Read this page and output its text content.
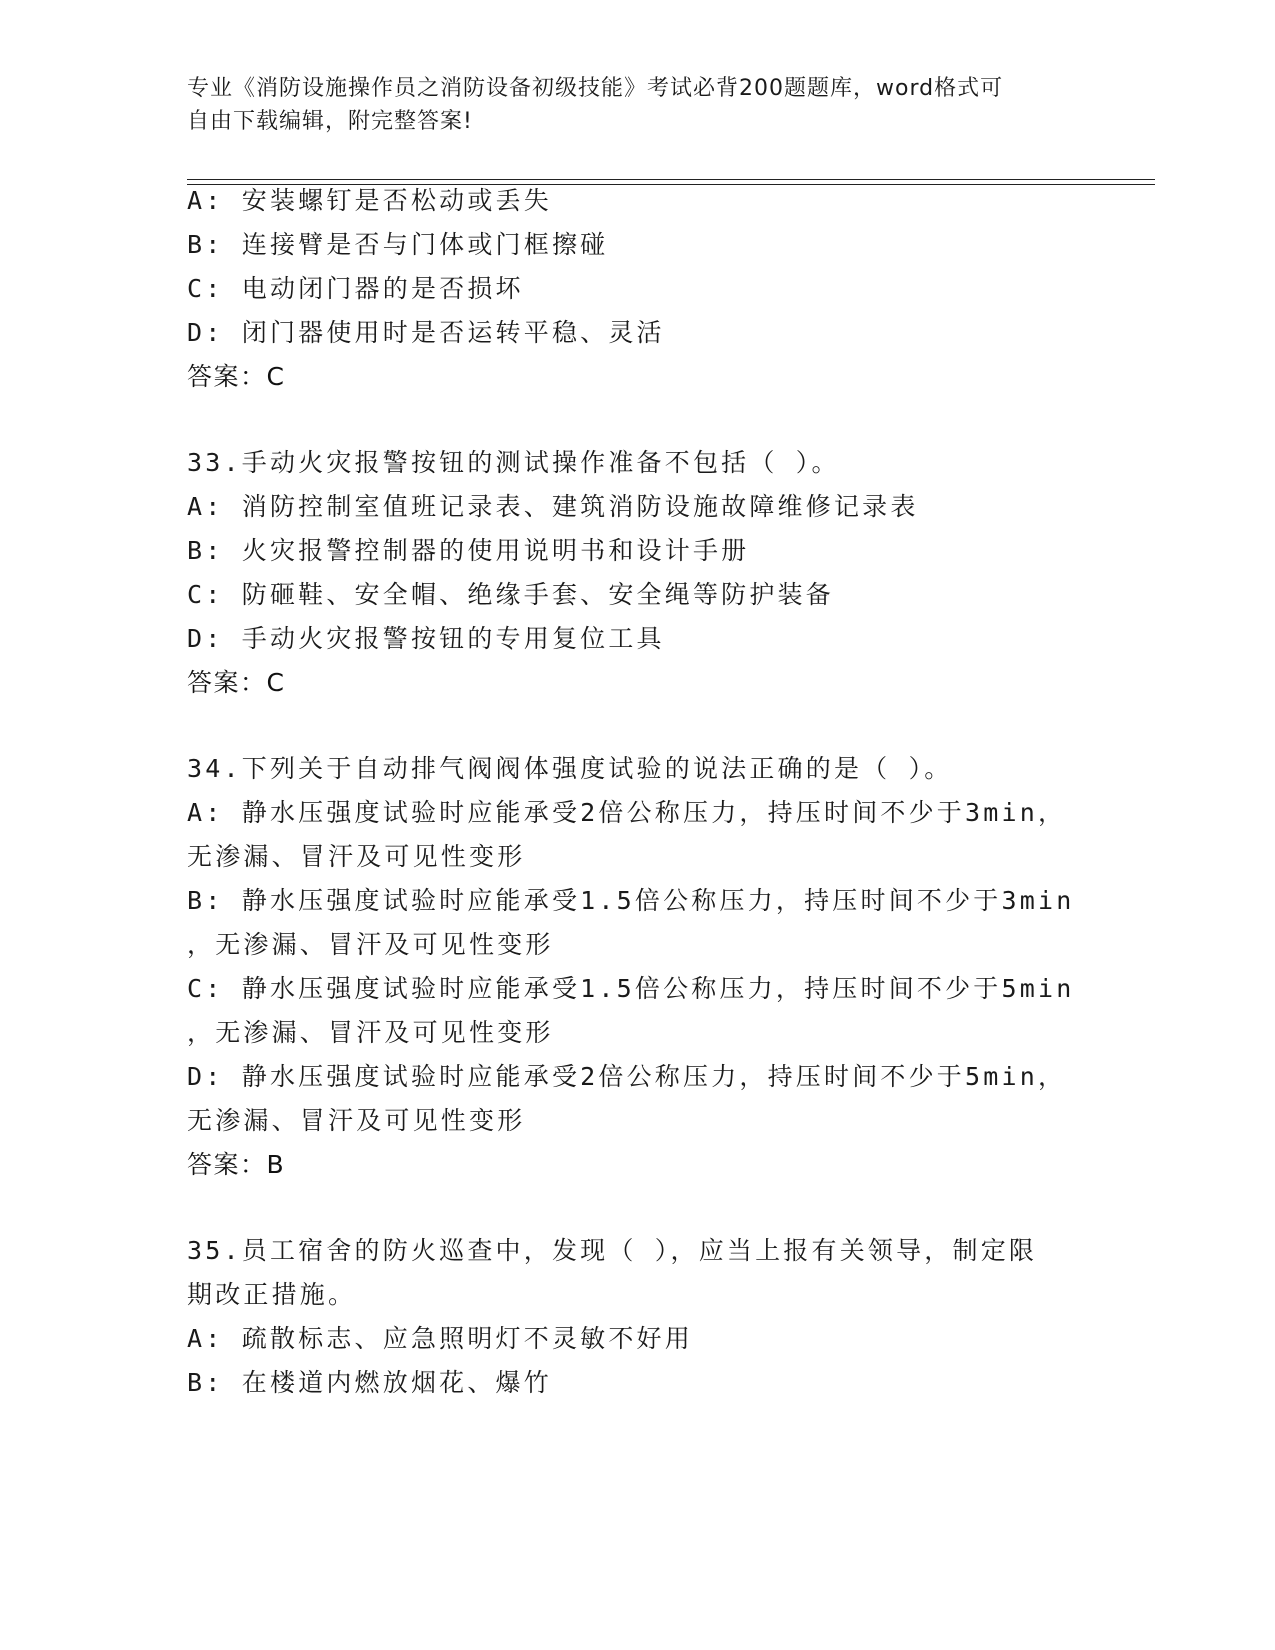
专业《消防设施操作员之消防设备初级技能》考试必背200题题库，word格式可
自由下载编辑，附完整答案!
A: 安装螺钉是否松动或丢失
B: 连接臂是否与门体或门框擦碰
C: 电动闭门器的是否损坏
D: 闭门器使用时是否运转平稳、灵活
答案：C
33.手动火灾报警按钮的测试操作准备不包括（ ）。
A: 消防控制室值班记录表、建筑消防设施故障维修记录表
B: 火灾报警控制器的使用说明书和设计手册
C: 防砸鞋、安全帽、绝缘手套、安全绳等防护装备
D: 手动火灾报警按钮的专用复位工具
答案：C
34.下列关于自动排气阀阀体强度试验的说法正确的是（ ）。
A: 静水压强度试验时应能承受2倍公称压力，持压时间不少于3min，
无渗漏、冒汗及可见性变形
B: 静水压强度试验时应能承受1.5倍公称压力，持压时间不少于3min
，无渗漏、冒汗及可见性变形
C: 静水压强度试验时应能承受1.5倍公称压力，持压时间不少于5min
，无渗漏、冒汗及可见性变形
D: 静水压强度试验时应能承受2倍公称压力，持压时间不少于5min，
无渗漏、冒汗及可见性变形
答案：B
35.员工宿舍的防火巡查中，发现（ ），应当上报有关领导，制定限
期改正措施。
A: 疏散标志、应急照明灯不灵敏不好用
B: 在楼道内燃放烟花、爆竹
